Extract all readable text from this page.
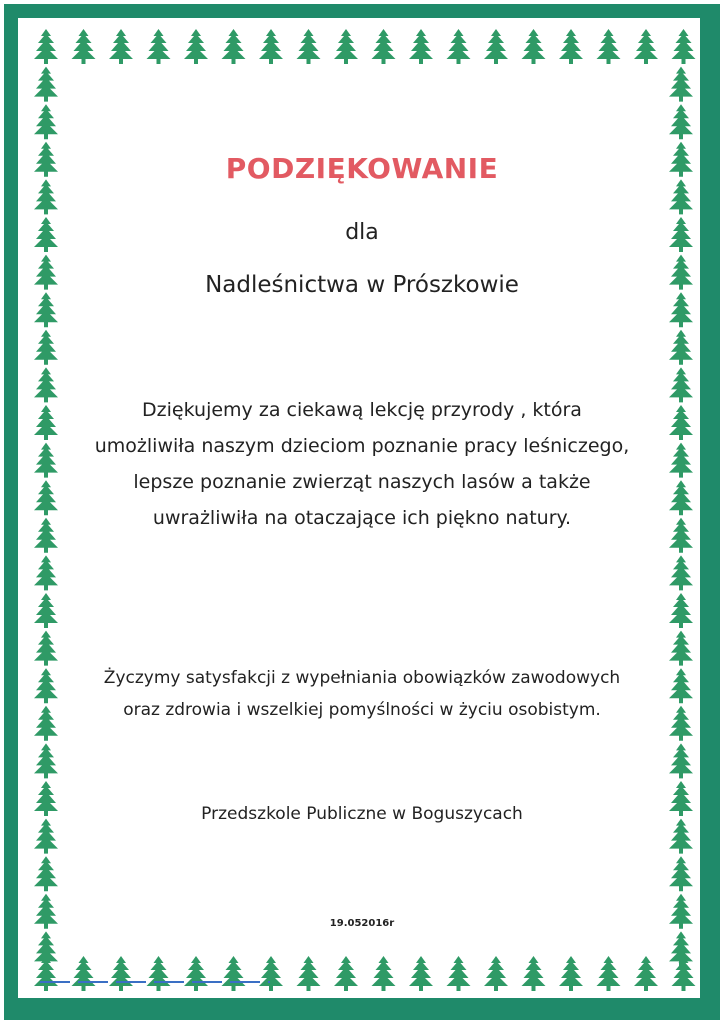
PODZIĘKOWANIE
dla
Nadleśnictwa w Prószkowie
Dziękujemy za ciekawą lekcję przyrody , która
umożliwiła naszym dzieciom poznanie pracy leśniczego,
lepsze poznanie zwierząt naszych lasów a także
uwrażliwiła na otaczające ich piękno natury.
Życzymy satysfakcji z wypełniania obowiązków zawodowych
oraz zdrowia i wszelkiej pomyślności w życiu osobistym.
Przedszkole Publiczne w Boguszycach
19.052016r
